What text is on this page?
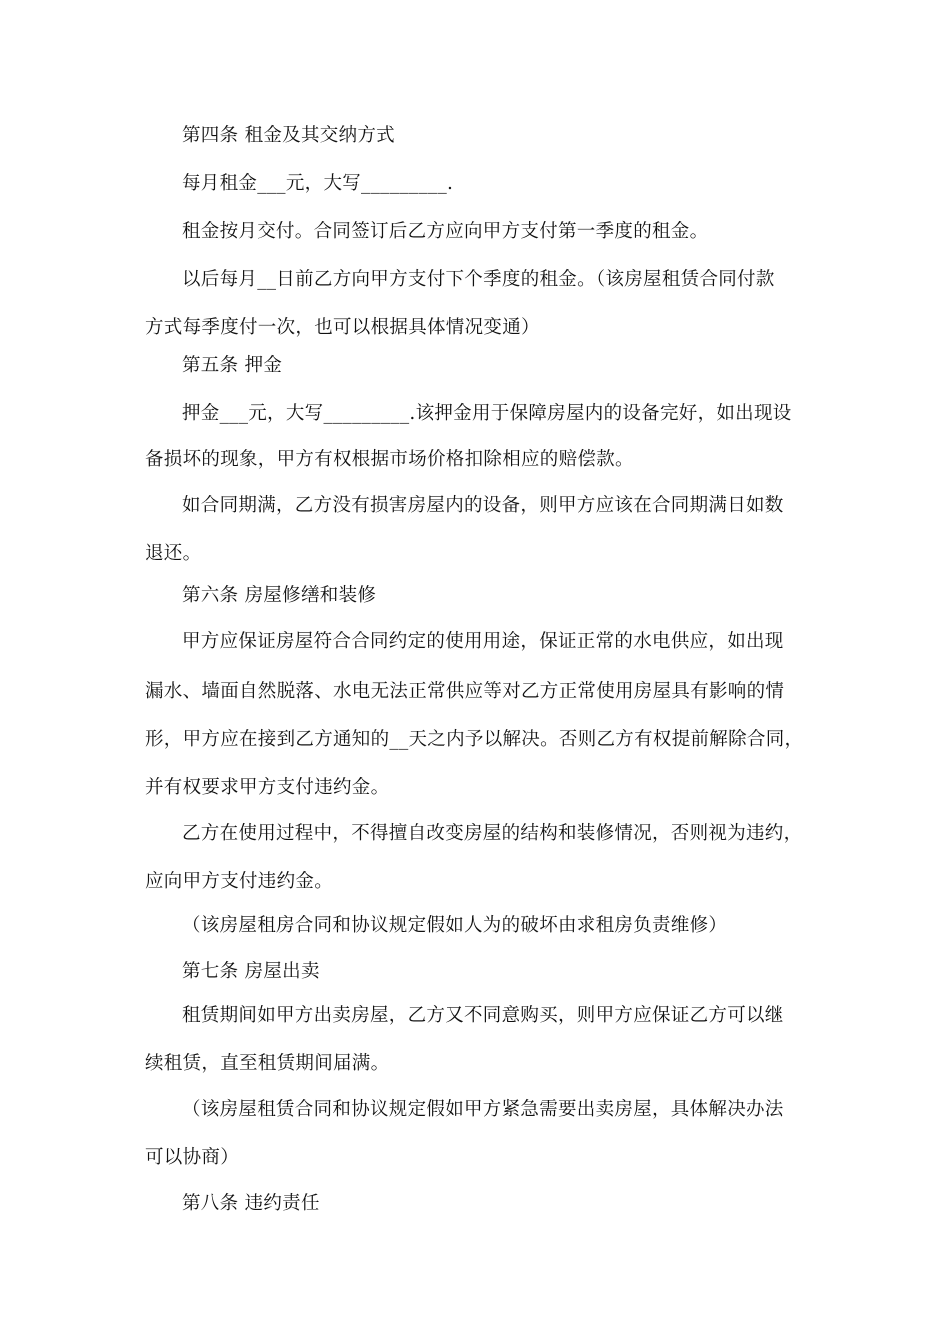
第四条 租金及其交纳方式
每月租金___元，大写_________.
租金按月交付。合同签订后乙方应向甲方支付第一季度的租金。
以后每月__日前乙方向甲方支付下个季度的租金。（该房屋租赁合同付款
方式每季度付一次，也可以根据具体情况变通）
第五条 押金
押金___元，大写_________.该押金用于保障房屋内的设备完好，如出现设
备损坏的现象，甲方有权根据市场价格扣除相应的赔偿款。
如合同期满，乙方没有损害房屋内的设备，则甲方应该在合同期满日如数
退还。
第六条 房屋修缮和装修
甲方应保证房屋符合合同约定的使用用途，保证正常的水电供应，如出现
漏水、墙面自然脱落、水电无法正常供应等对乙方正常使用房屋具有影响的情
形，甲方应在接到乙方通知的__天之内予以解决。否则乙方有权提前解除合同，
并有权要求甲方支付违约金。
乙方在使用过程中，不得擅自改变房屋的结构和装修情况，否则视为违约，
应向甲方支付违约金。
（该房屋租房合同和协议规定假如人为的破坏由求租房负责维修）
第七条 房屋出卖
租赁期间如甲方出卖房屋，乙方又不同意购买，则甲方应保证乙方可以继
续租赁，直至租赁期间届满。
（该房屋租赁合同和协议规定假如甲方紧急需要出卖房屋，具体解决办法
可以协商）
第八条 违约责任
